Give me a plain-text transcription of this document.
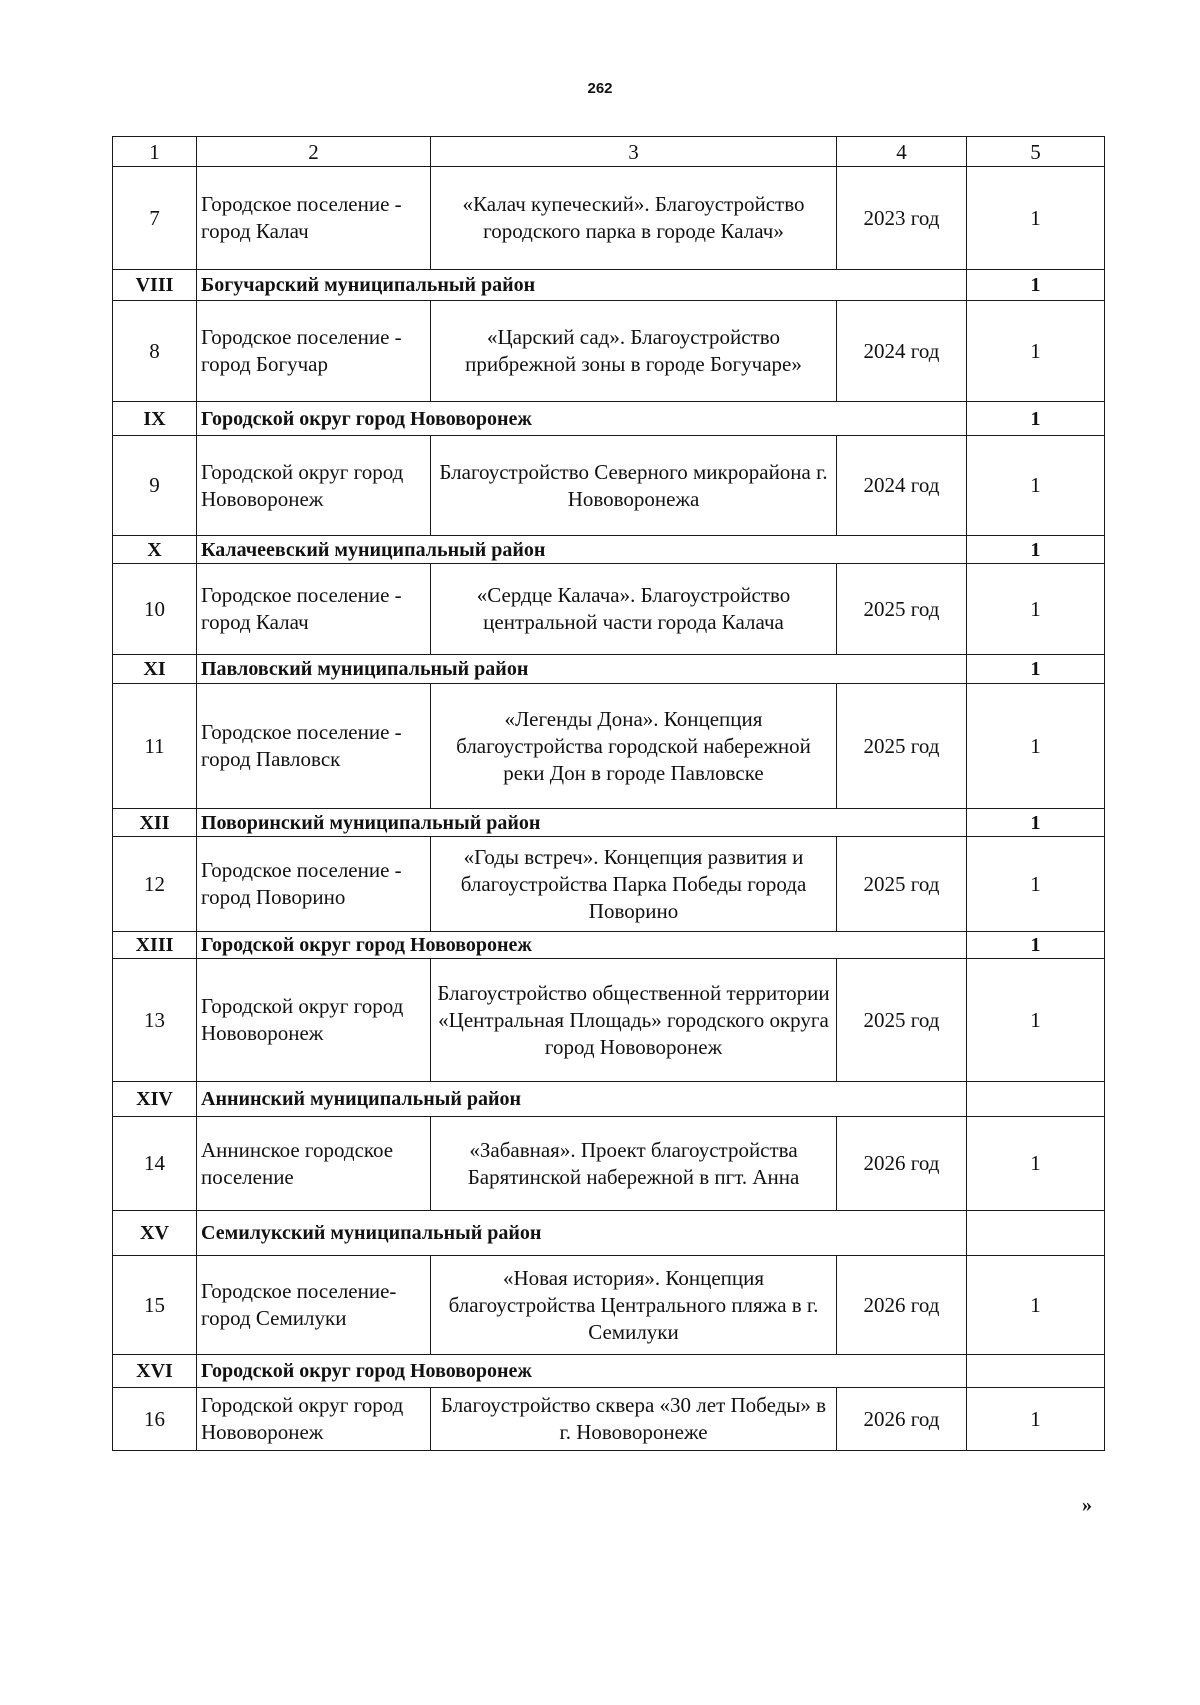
262
1	2	3	4	5
7	Городское поселение - город Калач	«Калач купеческий». Благоустройство городского парка в городе Калач»	2023 год	1
VIII	Богучарский муниципальный район			1
8	Городское поселение - город Богучар	«Царский сад». Благоустройство прибрежной зоны в городе Богучаре»	2024 год	1
IX	Городской округ город Нововоронеж			1
9	Городской округ город Нововоронеж	Благоустройство Северного микрорайона г. Нововоронежа	2024 год	1
X	Калачеевский муниципальный район			1
10	Городское поселение - город Калач	«Сердце Калача». Благоустройство центральной части города Калача	2025 год	1
XI	Павловский муниципальный район			1
11	Городское поселение - город Павловск	«Легенды Дона». Концепция благоустройства городской набережной реки Дон в городе Павловске	2025 год	1
XII	Поворинский муниципальный район			1
12	Городское поселение - город Поворино	«Годы встреч». Концепция развития и благоустройства Парка Победы города Поворино	2025 год	1
XIII	Городской округ город Нововоронеж			1
13	Городской округ город Нововоронеж	Благоустройство общественной территории «Центральная Площадь» городского округа город Нововоронеж	2025 год	1
XIV	Аннинский муниципальный район			
14	Аннинское городское поселение	«Забавная». Проект благоустройства Барятинской набережной в пгт. Анна	2026 год	1
XV	Семилукский муниципальный район			
15	Городское поселение-город Семилуки	«Новая история». Концепция благоустройства Центрального пляжа в г. Семилуки	2026 год	1
XVI	Городской округ город Нововоронеж			
16	Городской округ город Нововоронеж	Благоустройство сквера «30 лет Победы» в г. Нововоронеже	2026 год	1
»
